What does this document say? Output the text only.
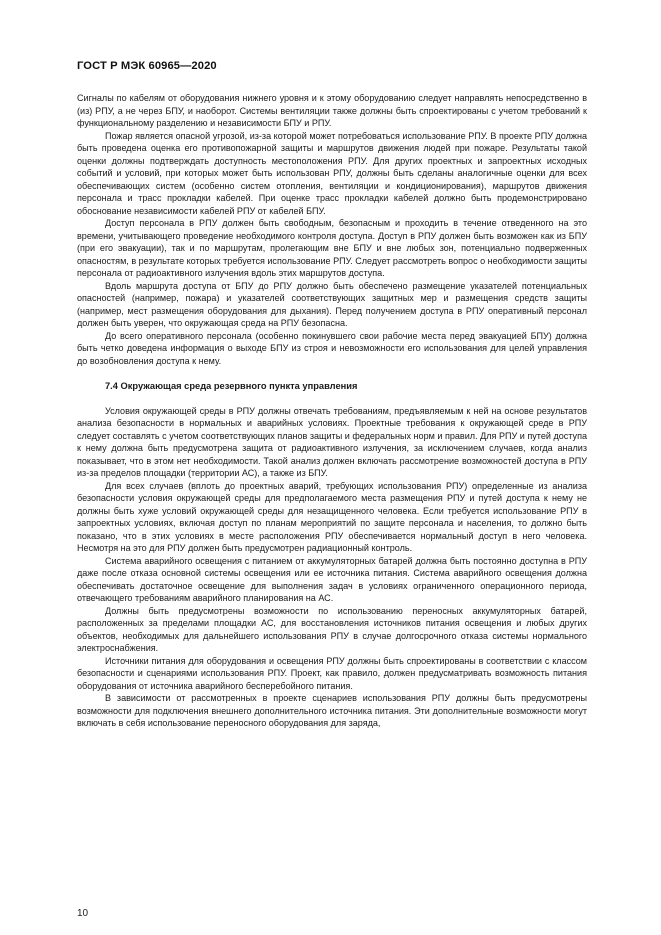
ГОСТ Р МЭК 60965—2020

Сигналы по кабелям от оборудования нижнего уровня и к этому оборудованию следует направлять непосредственно в (из) РПУ, а не через БПУ, и наоборот. Системы вентиляции также должны быть спроектированы с учетом требований к функциональному разделению и независимости БПУ и РПУ.

Пожар является опасной угрозой, из-за которой может потребоваться использование РПУ. В проекте РПУ должна быть проведена оценка его противопожарной защиты и маршрутов движения людей при пожаре. Результаты такой оценки должны подтверждать доступность местоположения РПУ. Для других проектных и запроектных исходных событий и условий, при которых может быть использован РПУ, должны быть сделаны аналогичные оценки для всех обеспечивающих систем (особенно систем отопления, вентиляции и кондиционирования), маршрутов движения персонала и трасс прокладки кабелей. При оценке трасс прокладки кабелей должно быть продемонстрировано обоснование независимости кабелей РПУ от кабелей БПУ.

Доступ персонала в РПУ должен быть свободным, безопасным и проходить в течение отведенного на это времени, учитывающего проведение необходимого контроля доступа. Доступ в РПУ должен быть возможен как из БПУ (при его эвакуации), так и по маршрутам, пролегающим вне БПУ и вне любых зон, потенциально подверженных опасностям, в результате которых требуется использование РПУ. Следует рассмотреть вопрос о необходимости защиты персонала от радиоактивного излучения вдоль этих маршрутов доступа.

Вдоль маршрута доступа от БПУ до РПУ должно быть обеспечено размещение указателей потенциальных опасностей (например, пожара) и указателей соответствующих защитных мер и размещения средств защиты (например, мест размещения оборудования для дыхания). Перед получением доступа в РПУ оперативный персонал должен быть уверен, что окружающая среда на РПУ безопасна.

До всего оперативного персонала (особенно покинувшего свои рабочие места перед эвакуацией БПУ) должна быть четко доведена информация о выходе БПУ из строя и невозможности его использования для целей управления до возобновления доступа к нему.

7.4 Окружающая среда резервного пункта управления

Условия окружающей среды в РПУ должны отвечать требованиям, предъявляемым к ней на основе результатов анализа безопасности в нормальных и аварийных условиях. Проектные требования к окружающей среде в РПУ следует составлять с учетом соответствующих планов защиты и федеральных норм и правил. Для РПУ и путей доступа к нему должна быть предусмотрена защита от радиоактивного излучения, за исключением случаев, когда анализ показывает, что в этом нет необходимости. Такой анализ должен включать рассмотрение возможностей доступа в РПУ из-за пределов площадки (территории АС), а также из БПУ.

Для всех случаев (вплоть до проектных аварий, требующих использования РПУ) определенные из анализа безопасности условия окружающей среды для предполагаемого места размещения РПУ и путей доступа к нему не должны быть хуже условий окружающей среды для незащищенного человека. Если требуется использование РПУ в запроектных условиях, включая доступ по планам мероприятий по защите персонала и населения, то должно быть показано, что в этих условиях в месте расположения РПУ обеспечивается нормальный доступ в него человека. Несмотря на это для РПУ должен быть предусмотрен радиационный контроль.

Система аварийного освещения с питанием от аккумуляторных батарей должна быть постоянно доступна в РПУ даже после отказа основной системы освещения или ее источника питания. Система аварийного освещения должна обеспечивать достаточное освещение для выполнения задач в условиях ограниченного операционного периода, отвечающего требованиям аварийного планирования на АС.

Должны быть предусмотрены возможности по использованию переносных аккумуляторных батарей, расположенных за пределами площадки АС, для восстановления источников питания освещения и любых других объектов, необходимых для дальнейшего использования РПУ в случае долгосрочного отказа системы нормального электроснабжения.

Источники питания для оборудования и освещения РПУ должны быть спроектированы в соответствии с классом безопасности и сценариями использования РПУ. Проект, как правило, должен предусматривать возможность питания оборудования от источника аварийного бесперебойного питания.

В зависимости от рассмотренных в проекте сценариев использования РПУ должны быть предусмотрены возможности для подключения внешнего дополнительного источника питания. Эти дополнительные возможности могут включать в себя использование переносного оборудования для заряда,

10
